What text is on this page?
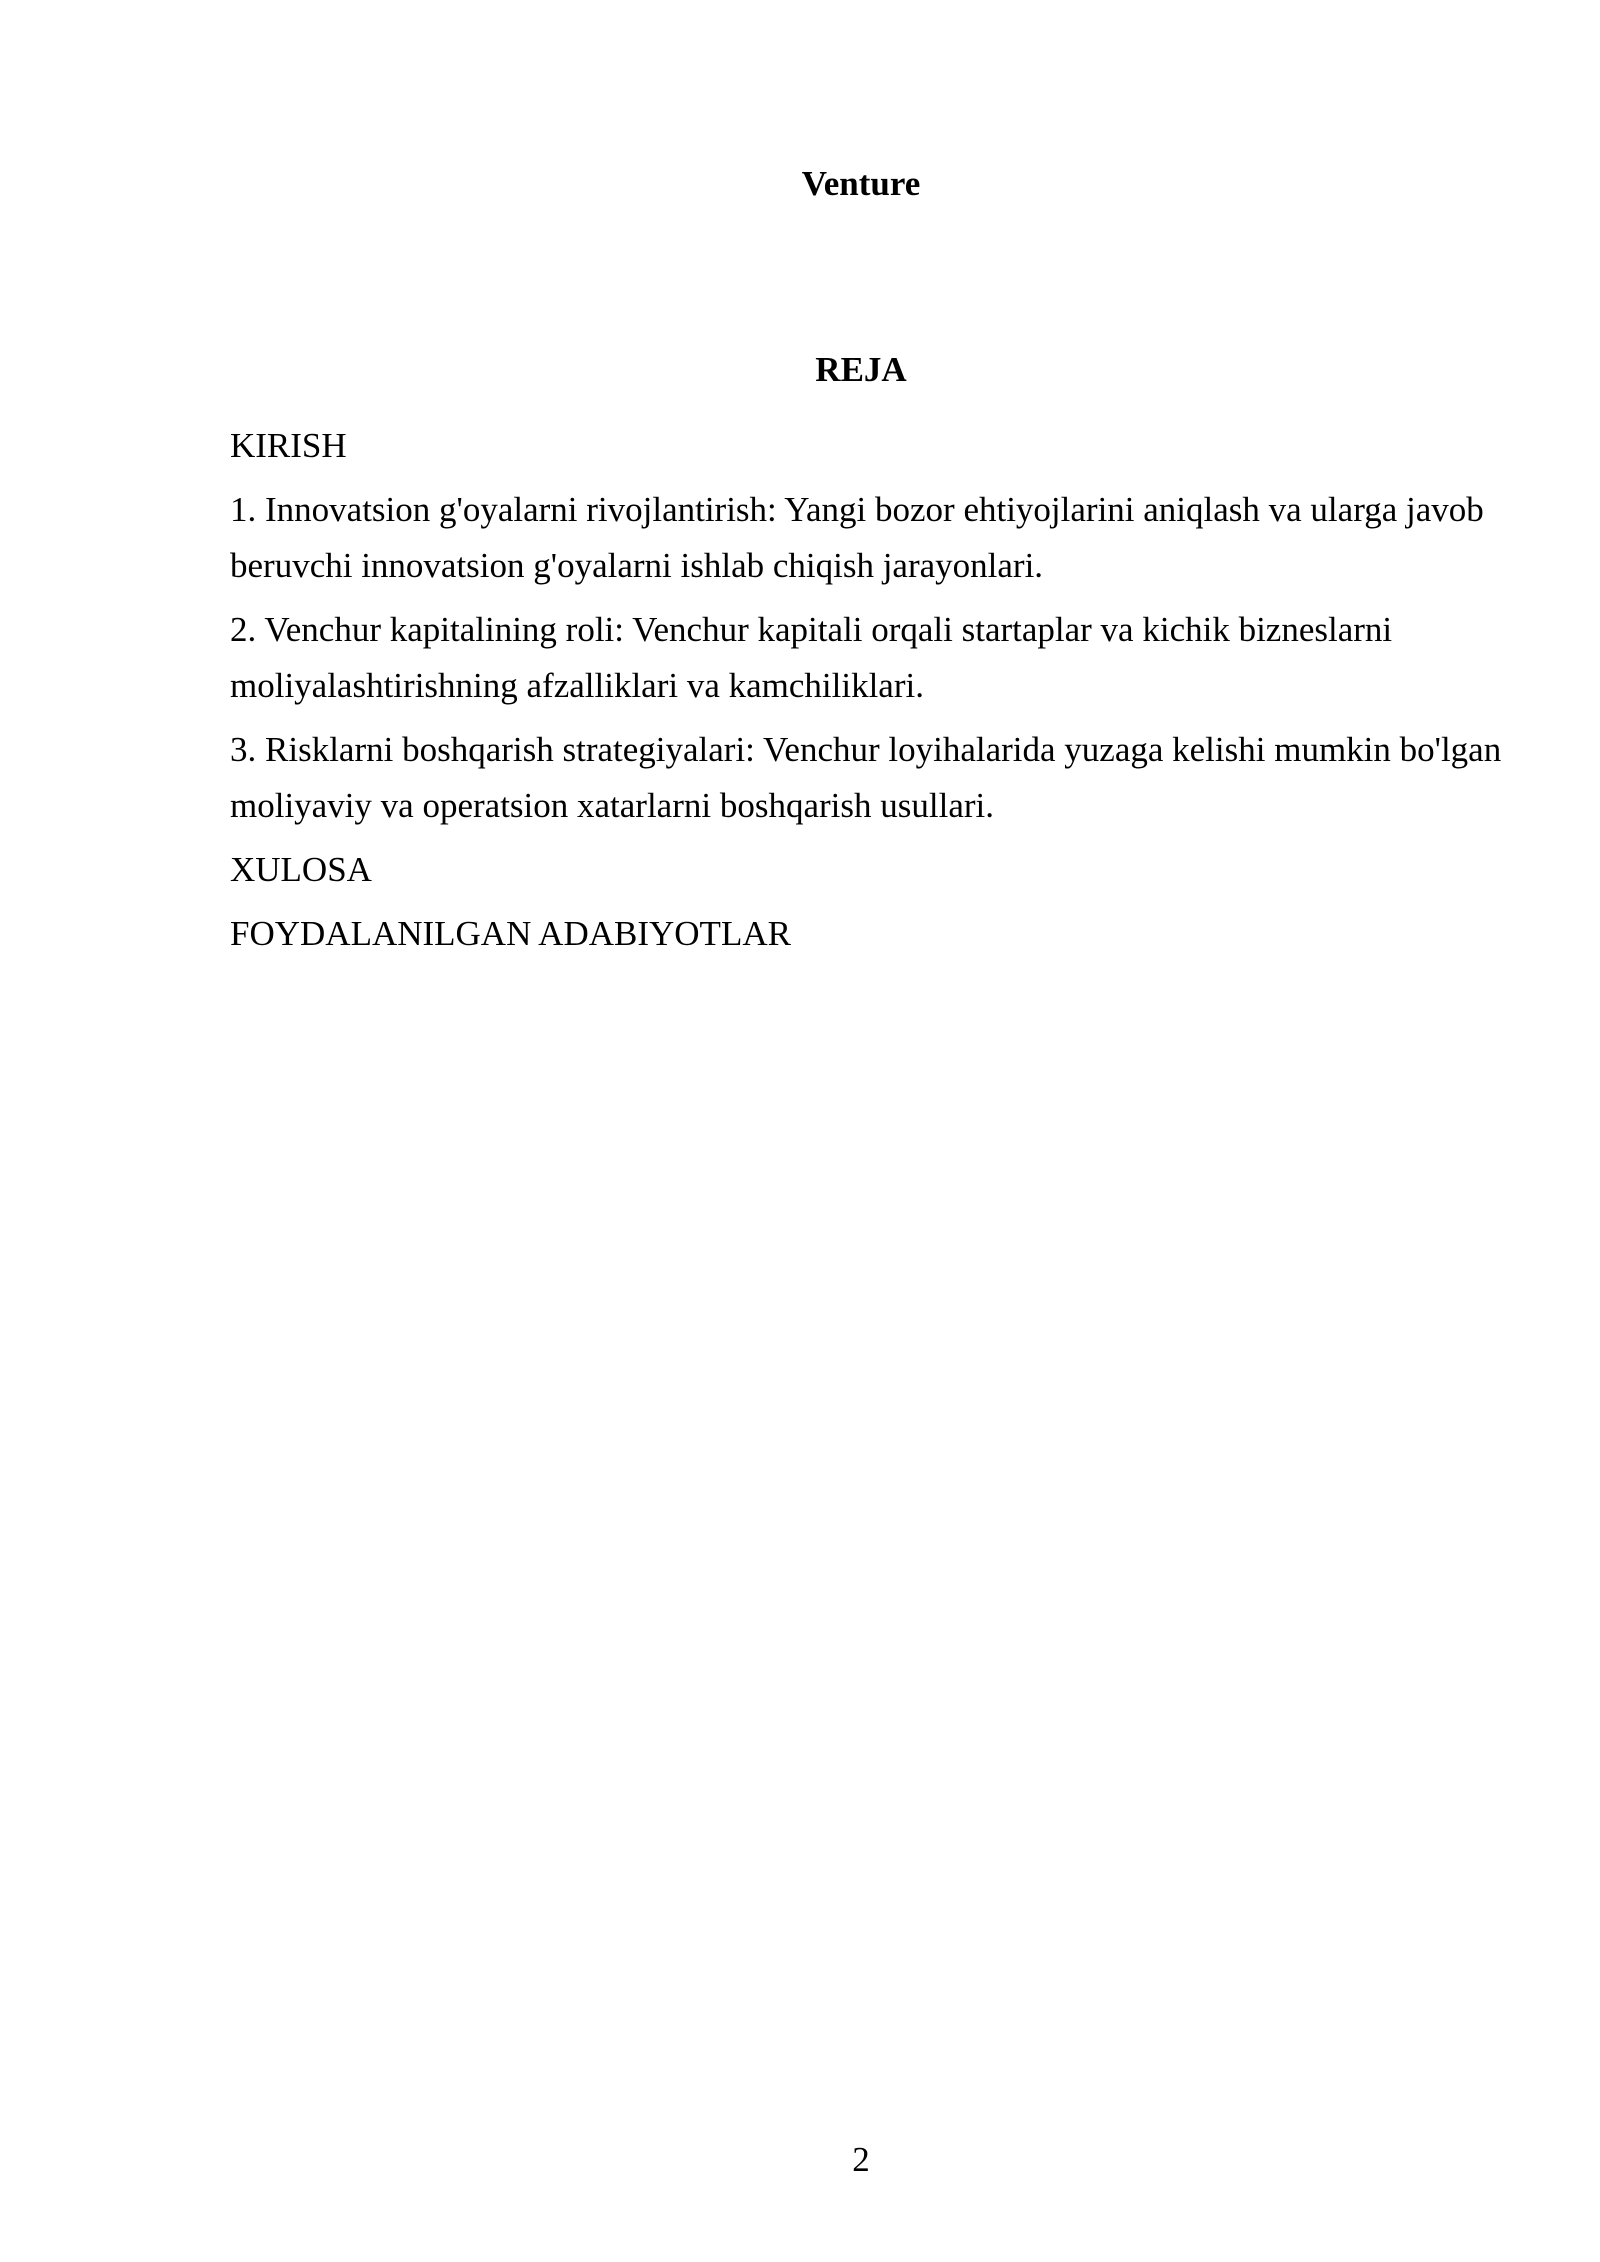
Venture
REJA
KIRISH
1. Innovatsion g'oyalarni rivojlantirish: Yangi bozor ehtiyojlarini aniqlash va ularga javob beruvchi innovatsion g'oyalarni ishlab chiqish jarayonlari.
2. Venchur kapitalining roli: Venchur kapitali orqali startaplar va kichik bizneslarni moliyalashtirishning afzalliklari va kamchiliklari.
3. Risklarni boshqarish strategiyalari: Venchur loyihalarida yuzaga kelishi mumkin bo'lgan moliyaviy va operatsion xatarlarni boshqarish usullari.
XULOSA
FOYDALANILGAN ADABIYOTLAR
2
